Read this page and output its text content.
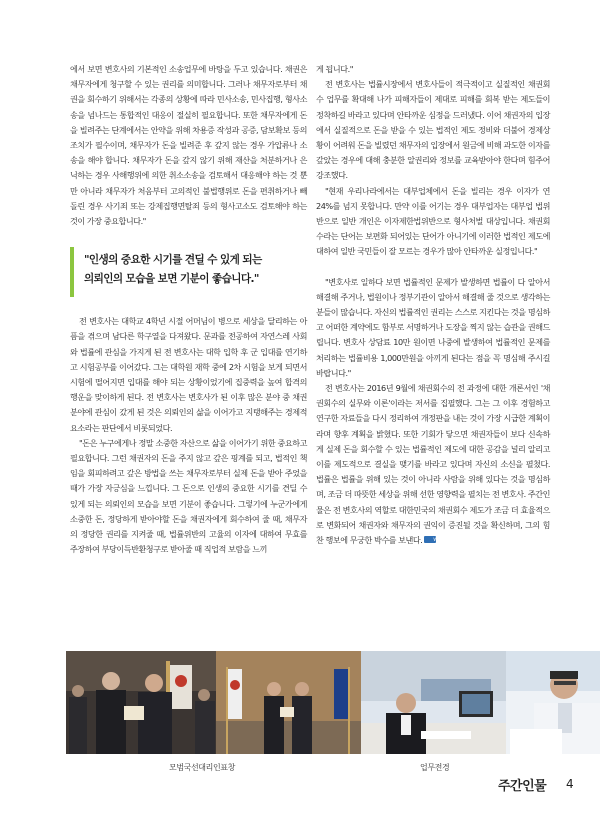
에서 보면 변호사의 기본적인 소송업무에 바탕을 두고 있습니다. 채권은 채무자에게 청구할 수 있는 권리를 의미합니다. 그러나 채무자로부터 채권을 회수하기 위해서는 각종의 상황에 따라 민사소송, 민사집행, 형사소송을 넘나드는 통합적인 대응이 절실히 필요합니다. 또한 채무자에게 돈을 빌려주는 단계에서는 안약을 위해 차용증 작성과 공증, 담보확보 등의 조치가 필수이며, 채무자가 돈을 빌려준 후 갚지 않는 경우 가압류나 소송을 해야 합니다. 채무자가 돈을 갚지 않기 위해 재산을 처분하거나 은닉하는 경우 사해행위에 의한 취소소송을 검토해서 대응해야 하는 것 뿐만 아니라 채무자가 처음부터 고의적인 불법행위로 돈을 편취하거나 빼돌린 경우 사기죄 또는 강제집행면탈죄 등의 형사고소도 검토해야 하는 것이 가장 중요합니다."

"인생의 중요한 시기를 견딜 수 있게 되는
의뢰인의 모습을 보면 기분이 좋습니다."

전 변호사는 대학교 4학년 시절 어머님이 병으로 세상을 달리하는 아픔을 겪으며 남다른 학구열을 다져왔다. 문과를 전공하여 자연스레 사회와 법률에 관심을 가지게 된 전 변호사는 대학 입학 후 군 입대를 연기하고 시험공부를 이어갔다. 그는 대학원 재학 중에 2차 시험을 보게 되면서 시험에 떨어지면 입대를 해야 되는 상황이었기에 집중력을 높여 합격의 행운을 맞이하게 된다. 전 변호사는 변호사가 된 이후 많은 분야 중 채권분야에 관심이 갔게 된 것은 의뢰인의 삶을 이어가고 지탱해주는 경제적 요소라는 판단에서 비롯되었다.

"돈은 누구에게나 정말 소중한 자산으로 삶을 이어가기 위한 중요하고 필요합니다. 그런 채권자의 돈을 주지 않고 갚은 핑계를 되고, 법적인 책임을 회피하려고 갚은 방법을 쓰는 채무자로부터 실제 돈을 받아 주었을 때가 가장 자긍심을 느낍니다. 그 돈으로 인생의 중요한 시기를 견딜 수 있게 되는 의뢰인의 모습을 보면 기분이 좋습니다. 그렇기에 누군가에게 소중한 돈, 정당하게 받아야할 돈을 채권자에게 회수하여 줄 때, 채무자의 정당한 권리를 지켜줄 때, 법률위반의 고율의 이자에 대하여 무효를 주장하여 부당이득반환청구로 받아줄 때 직업적 보람을 느끼

게 됩니다."

전 변호사는 법률시장에서 변호사들이 적극적이고 실질적인 채권회수 업무를 확대해 나가 피해자들이 제대로 피해를 회복 받는 제도들이 정착하길 바라고 있다며 안타까운 심정을 드러냈다. 이어 채권자의 입장에서 실질적으로 돈을 받을 수 있는 법적인 제도 정비와 더불어 경제상황이 어려워 돈을 빌렸던 채무자의 입장에서 원금에 비해 과도한 이자를 갚았는 경우에 대해 충분한 알권리와 정보를 교육받아야 한다며 힘주어 강조했다.

"현재 우리나라에서는 대부업체에서 돈을 빌리는 경우 이자가 연 24%를 넘지 못합니다. 만약 이를 어기는 경우 대부업자는 대부업 법위반으로 일반 개인은 이자제한법위반으로 형사처벌 대상입니다. 채권회수라는 단어는 보편화 되어있는 단어가 아니기에 이러한 법적인 제도에 대하여 일반 국민들이 잘 모르는 경우가 많아 안타까운 실정입니다."

"변호사로 일하다 보면 법률적인 문제가 발생하면 법률이 다 알아서 해결해 주거나, 법원이나 정부기관이 알아서 해결해 줄 것으로 생각하는 분들이 많습니다. 자신의 법률적인 권리는 스스로 지킨다는 것을 명심하고 어떠한 계약에도 함부로 서명하거나 도장을 찍지 않는 습관을 권해드립니다. 변호사 상담료 10만 원이면 나중에 발생하여 법률적인 문제를 처리하는 법률비용 1,000만원을 아끼게 된다는 점을 꼭 명심해 주시길 바랍니다."

전 변호사는 2016년 9월에 채권회수의 전 과정에 대한 개론서인 '채권회수의 실무와 이론'이라는 저서를 집필했다. 그는 그 이후 경험하고 연구한 자료들을 다시 정리하여 개정판을 내는 것이 가장 시급한 계획이라며 향후 계획을 밝혔다. 또한 기회가 닿으면 채권자들이 보다 신속하게 실제 돈을 회수할 수 있는 법률적인 제도에 대한 공감을 널리 알리고 이를 제도적으로 결실을 맺기를 바라고 있다며 자신의 소신을 펼쳤다. 법률은 법률을 위해 있는 것이 아니라 사람을 위해 있다는 것을 명심하며, 조금 더 따뜻한 세상을 위해 선한 영향력을 펼치는 전 변호사. 주간인물은 전 변호사의 역할로 대한민국의 채권회수 제도가 조금 더 효율적으로 변화되어 채권자와 채무자의 권익이 증진될 것을 확신하며, 그의 힘찬 행보에 무궁한 박수를 보낸다.	WP

모범국선대리인표창	업무전경
주간인물 4
